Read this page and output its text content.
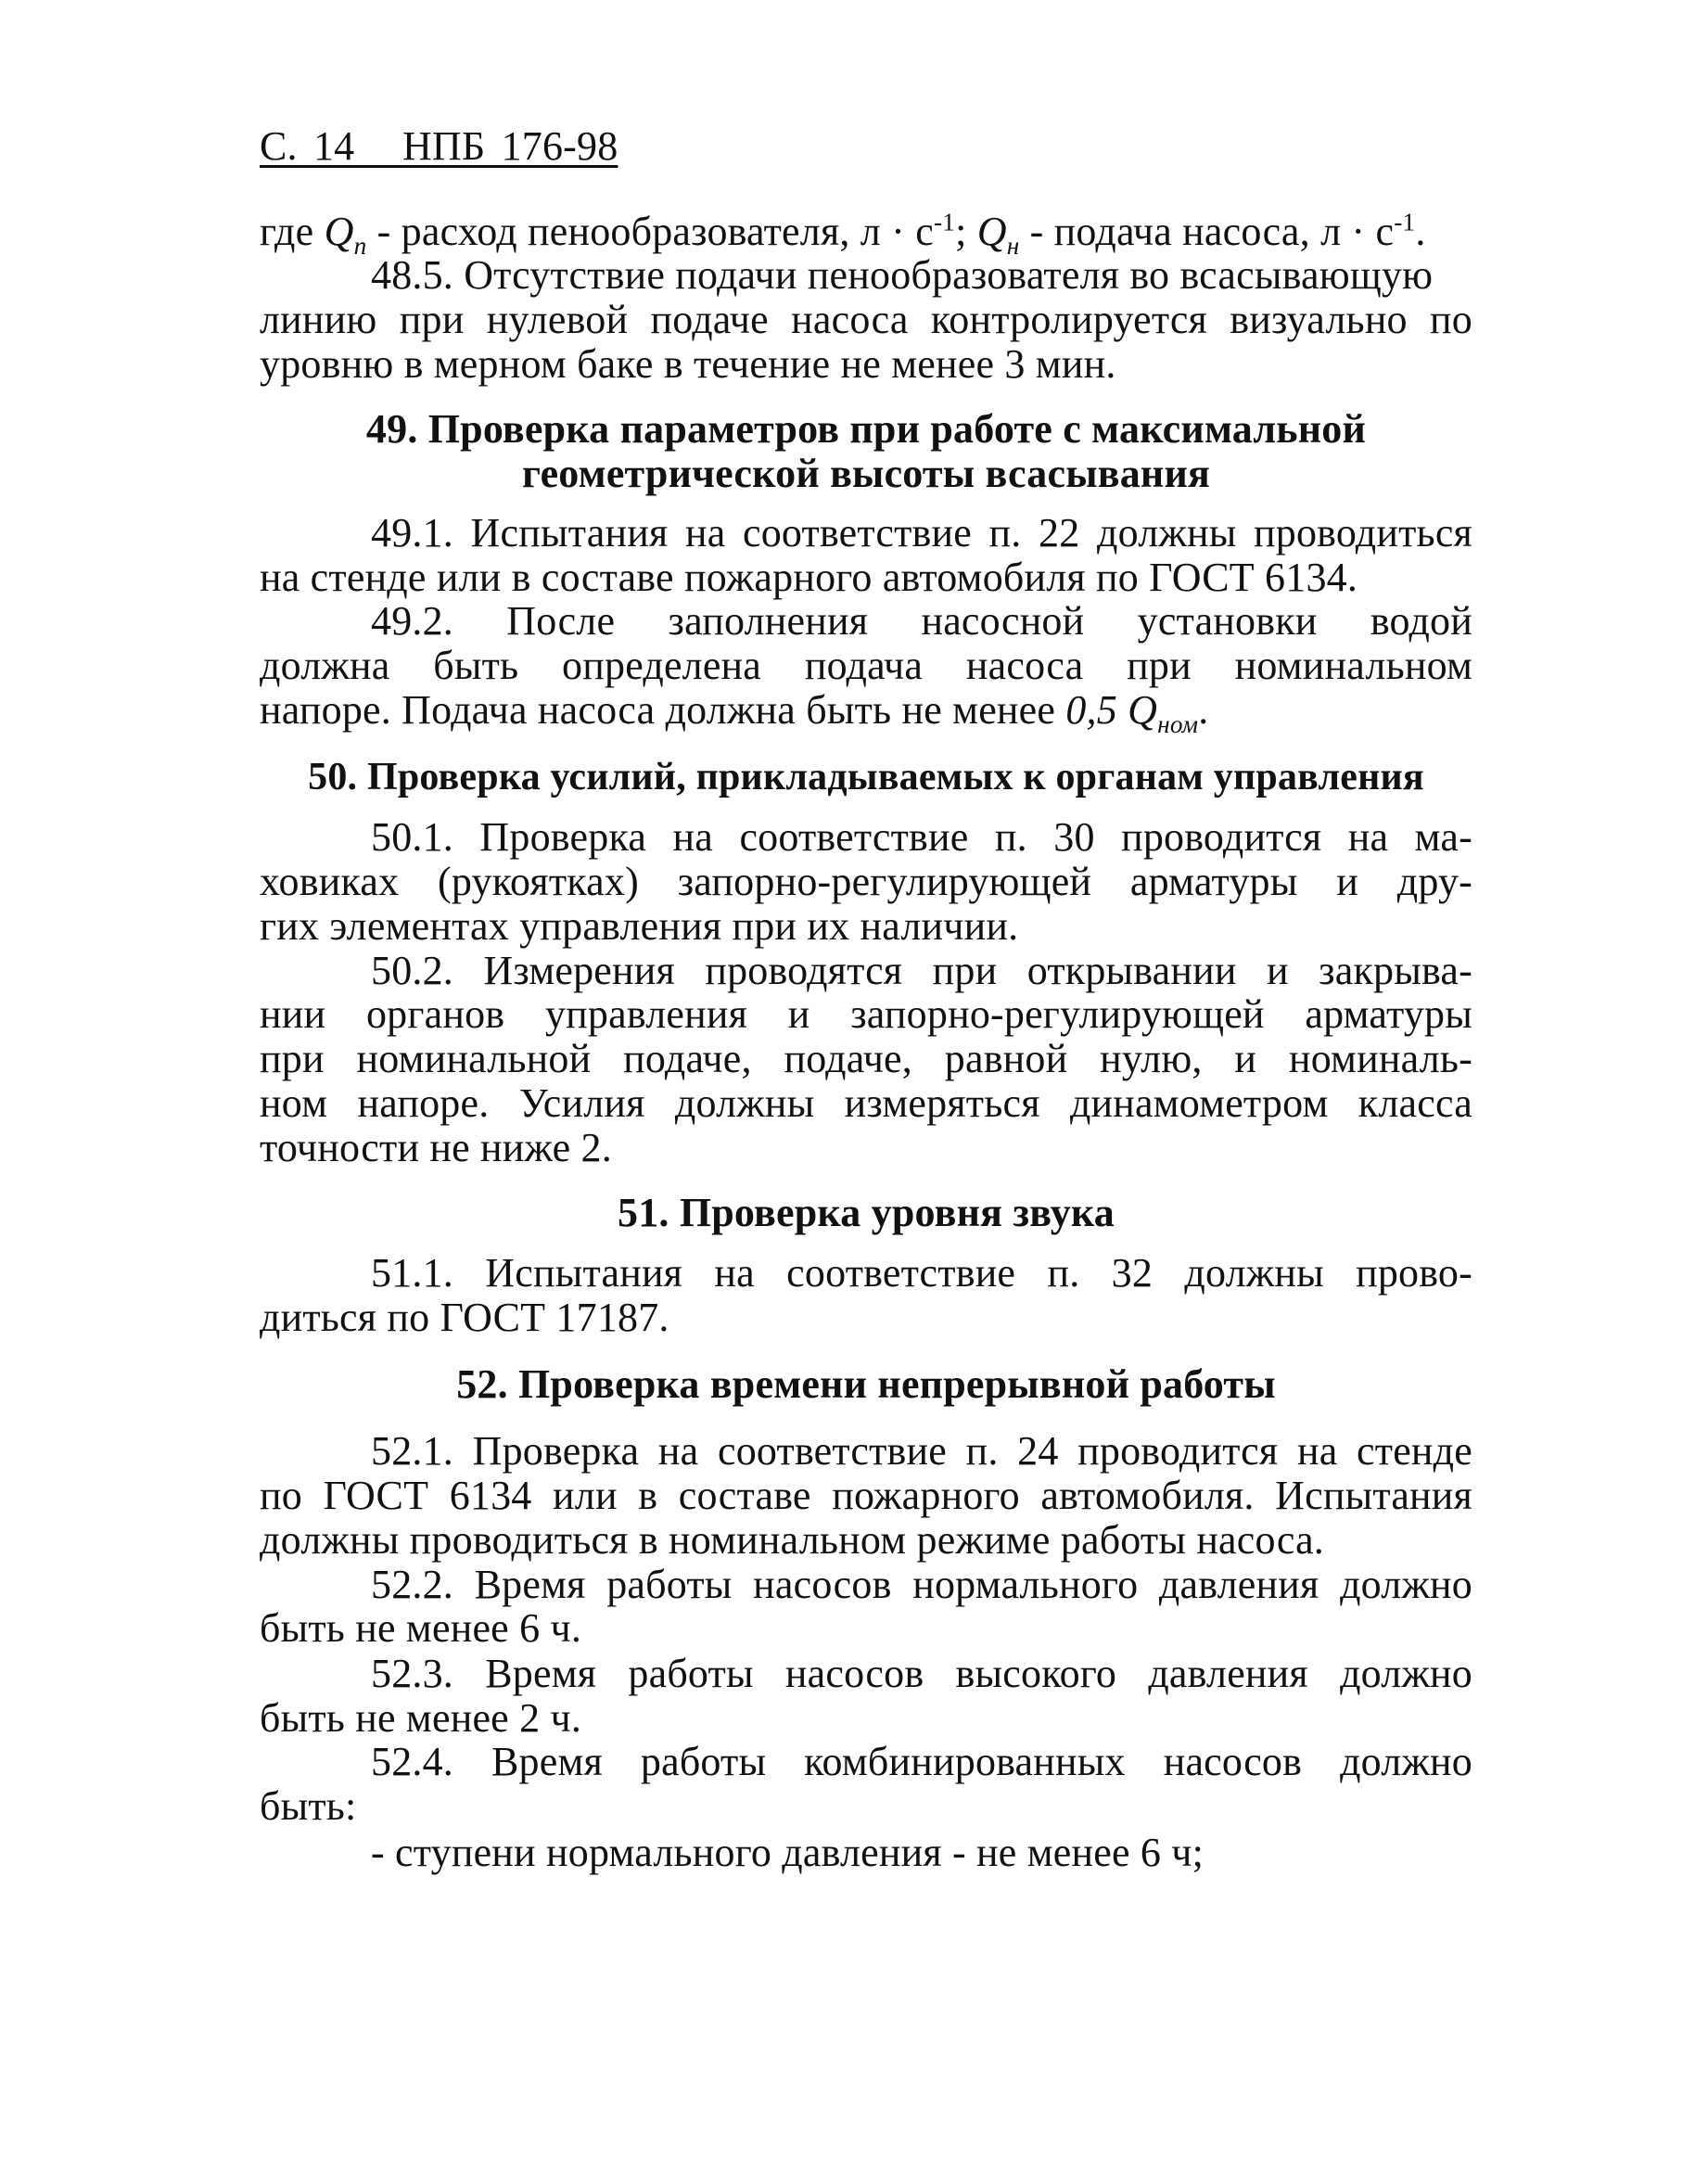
С. 14   НПБ 176-98

где $Q_п$ - расход пенообразователя, $л \cdot с^{-1}$; $Q_н$ - подача насоса, $л \cdot с^{-1}$.

48.5. Отсутствие подачи пенообразователя во всасывающую

линию при нулевой подаче насоса контролируется визуально по

уровню в мерном баке в течение не менее 3 мин.

49. Проверка параметров при работе с максимальной

геометрической высоты всасывания

49.1. Испытания на соответствие п. 22 должны проводиться

на стенде или в составе пожарного автомобиля по ГОСТ 6134.

49.2. После заполнения насосной установки водой

должна быть определена подача насоса при номинальном

напоре. Подача насоса должна быть не менее 0,5 $Q_{ном}$.

50. Проверка усилий, прикладываемых к органам управления

50.1. Проверка на соответствие п. 30 проводится на ма-

ховиках (рукоятках) запорно-регулирующей арматуры и дру-

гих элементах управления при их наличии.

50.2. Измерения проводятся при открывании и закрыва-

нии органов управления и запорно-регулирующей арматуры

при номинальной подаче, подаче, равной нулю, и номиналь-

ном напоре. Усилия должны измеряться динамометром класса

точности не ниже 2.

51. Проверка уровня звука

51.1. Испытания на соответствие п. 32 должны прово-

диться по ГОСТ 17187.

52. Проверка времени непрерывной работы

52.1. Проверка на соответствие п. 24 проводится на стенде

по ГОСТ 6134 или в составе пожарного автомобиля. Испытания

должны проводиться в номинальном режиме работы насоса.

52.2. Время работы насосов нормального давления должно

быть не менее 6 ч.

52.3. Время работы насосов высокого давления должно

быть не менее 2 ч.

52.4. Время работы комбинированных насосов должно

быть:

- ступени нормального давления - не менее 6 ч;
